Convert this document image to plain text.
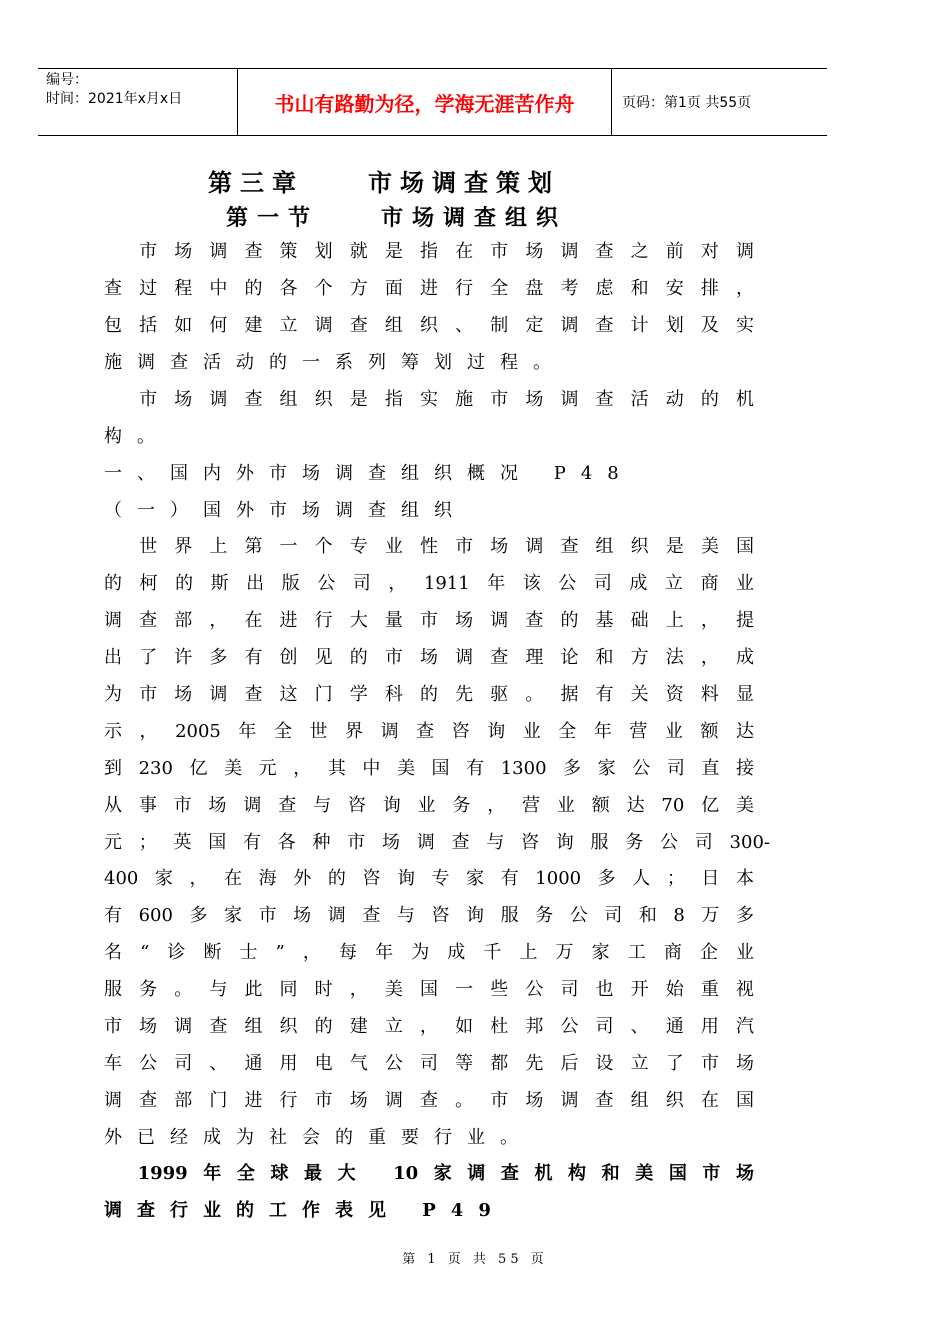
编号：
时间：2021年x月x日	书山有路勤为径，学海无涯苦作舟	页码：第1页 共55页
第三章　　市场调查策划
第一节　　市场调查组织
　市场调查策划就是指在市场调查之前对调
查过程中的各个方面进行全盘考虑和安排，
包括如何建立调查组织、制定调查计划及实
施调查活动的一系列筹划过程。
　市场调查组织是指实施市场调查活动的机
构。
一、国内外市场调查组织概况 P48
（一）国外市场调查组织
　世界上第一个专业性市场调查组织是美国
的柯的斯出版公司，1911年该公司成立商业
调查部，在进行大量市场调查的基础上，提
出了许多有创见的市场调查理论和方法，成
为市场调查这门学科的先驱。据有关资料显
示，2005年全世界调查咨询业全年营业额达
到230亿美元，其中美国有1300多家公司直接
从事市场调查与咨询业务，营业额达70亿美
元；英国有各种市场调查与咨询服务公司300-
400家，在海外的咨询专家有1000多人；日本
有600多家市场调查与咨询服务公司和8万多
名“诊断士”，每年为成千上万家工商企业
服务。与此同时，美国一些公司也开始重视
市场调查组织的建立，如杜邦公司、通用汽
车公司、通用电气公司等都先后设立了市场
调查部门进行市场调查。市场调查组织在国
外已经成为社会的重要行业。
　1999年全球最大 10家调查机构和美国市场
调查行业的工作表见 P49
第 1 页 共 55 页
